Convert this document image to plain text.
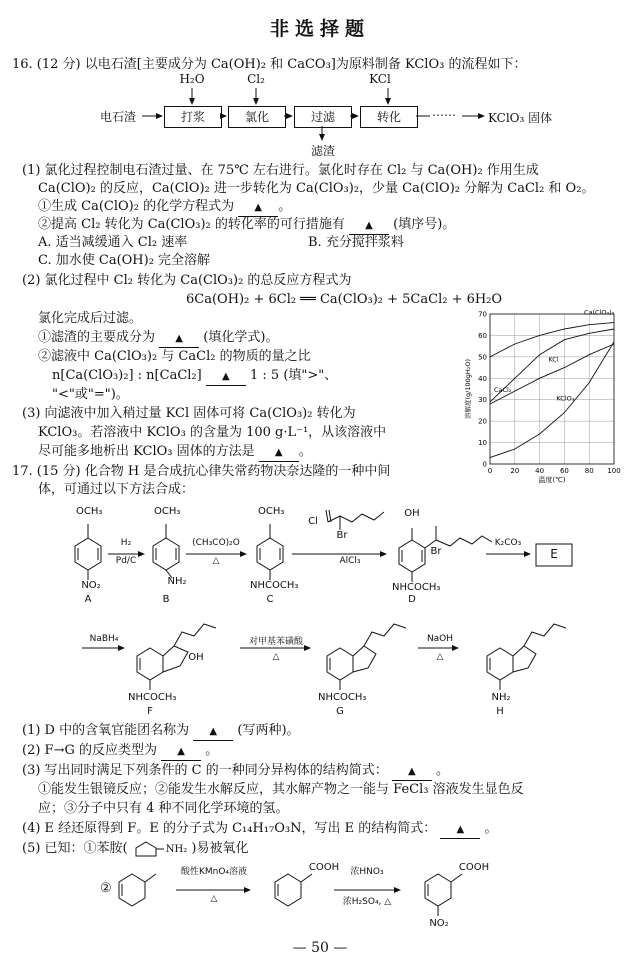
非选择题
16. (12 分) 以电石渣[主要成分为 Ca(OH)₂ 和 CaCO₃]为原料制备 KClO₃ 的流程如下：
电石渣
H₂O	Cl₂	KCl
打浆	氯化	过滤	转化	……	KClO₃ 固体
滤渣
(1) 氯化过程控制电石渣过量、在 75℃ 左右进行。氯化时存在 Cl₂ 与 Ca(OH)₂ 作用生成
Ca(ClO)₂ 的反应，Ca(ClO)₂ 进一步转化为 Ca(ClO₃)₂，少量 Ca(ClO)₂ 分解为 CaCl₂ 和 O₂。
①生成 Ca(ClO)₂ 的化学方程式为 ▲ 。
②提高 Cl₂ 转化为 Ca(ClO₃)₂ 的转化率的可行措施有 ▲ (填序号)。
A. 适当减缓通入 Cl₂ 速率	B. 充分搅拌浆料
C. 加水使 Ca(OH)₂ 完全溶解
(2) 氯化过程中 Cl₂ 转化为 Ca(ClO₃)₂ 的总反应方程式为
6Ca(OH)₂ + 6Cl₂ ══ Ca(ClO₃)₂ + 5CaCl₂ + 6H₂O
氯化完成后过滤。
①滤渣的主要成分为 ▲ (填化学式)。
②滤液中 Ca(ClO₃)₂ 与 CaCl₂ 的物质的量之比
n[Ca(ClO₃)₂] : n[CaCl₂] ▲ 1 : 5 (填">"、
"<"或"=")。
(3) 向滤液中加入稍过量 KCl 固体可将 Ca(ClO₃)₂ 转化为
KClO₃。若溶液中 KClO₃ 的含量为 100 g·L⁻¹，从该溶液中
尽可能多地析出 KClO₃ 固体的方法是 ▲ 。
0	20 40 60 80 100
0
10
20
30
40
50
60
70
温度(℃)
溶解度(g/100gH₂O)
Ca(ClO₃)₂
CaCl₂
KCl
KClO₃
17. (15 分) 化合物 H 是合成抗心律失常药物决奈达隆的一种中间
体，可通过以下方法合成：
OCH₃
NO₂
A
OCH₃
NH₂
B
OCH₃
NHCOCH₃
C
Cl
Br
OH
Br
NHCOCH₃
D
E
H₂
Pd/C
(CH₃CO)₂O
△	AlCl₃
K₂CO₃
NaBH₄	对甲基苯磺酸
△
NaOH
△
OH
NHCOCH₃
F
NHCOCH₃
G
NH₂
H
(1) D 中的含氧官能团名称为 ▲ (写两种)。
(2) F→G 的反应类型为 ▲ 。
(3) 写出同时满足下列条件的 C 的一种同分异构体的结构简式： ▲ 。
①能发生银镜反应；②能发生水解反应，其水解产物之一能与 FeCl₃ 溶液发生显色反
应；③分子中只有 4 种不同化学环境的氢。
(4) E 经还原得到 F。E 的分子式为 C₁₄H₁₇O₃N，写出 E 的结构简式： ▲ 。
(5) 已知：①苯胺(	NH₂ )易被氧化
②
酸性KMnO₄溶液
△
COOH	浓HNO₃
浓H₂SO₄, △
COOH
NO₂
— 50 —
